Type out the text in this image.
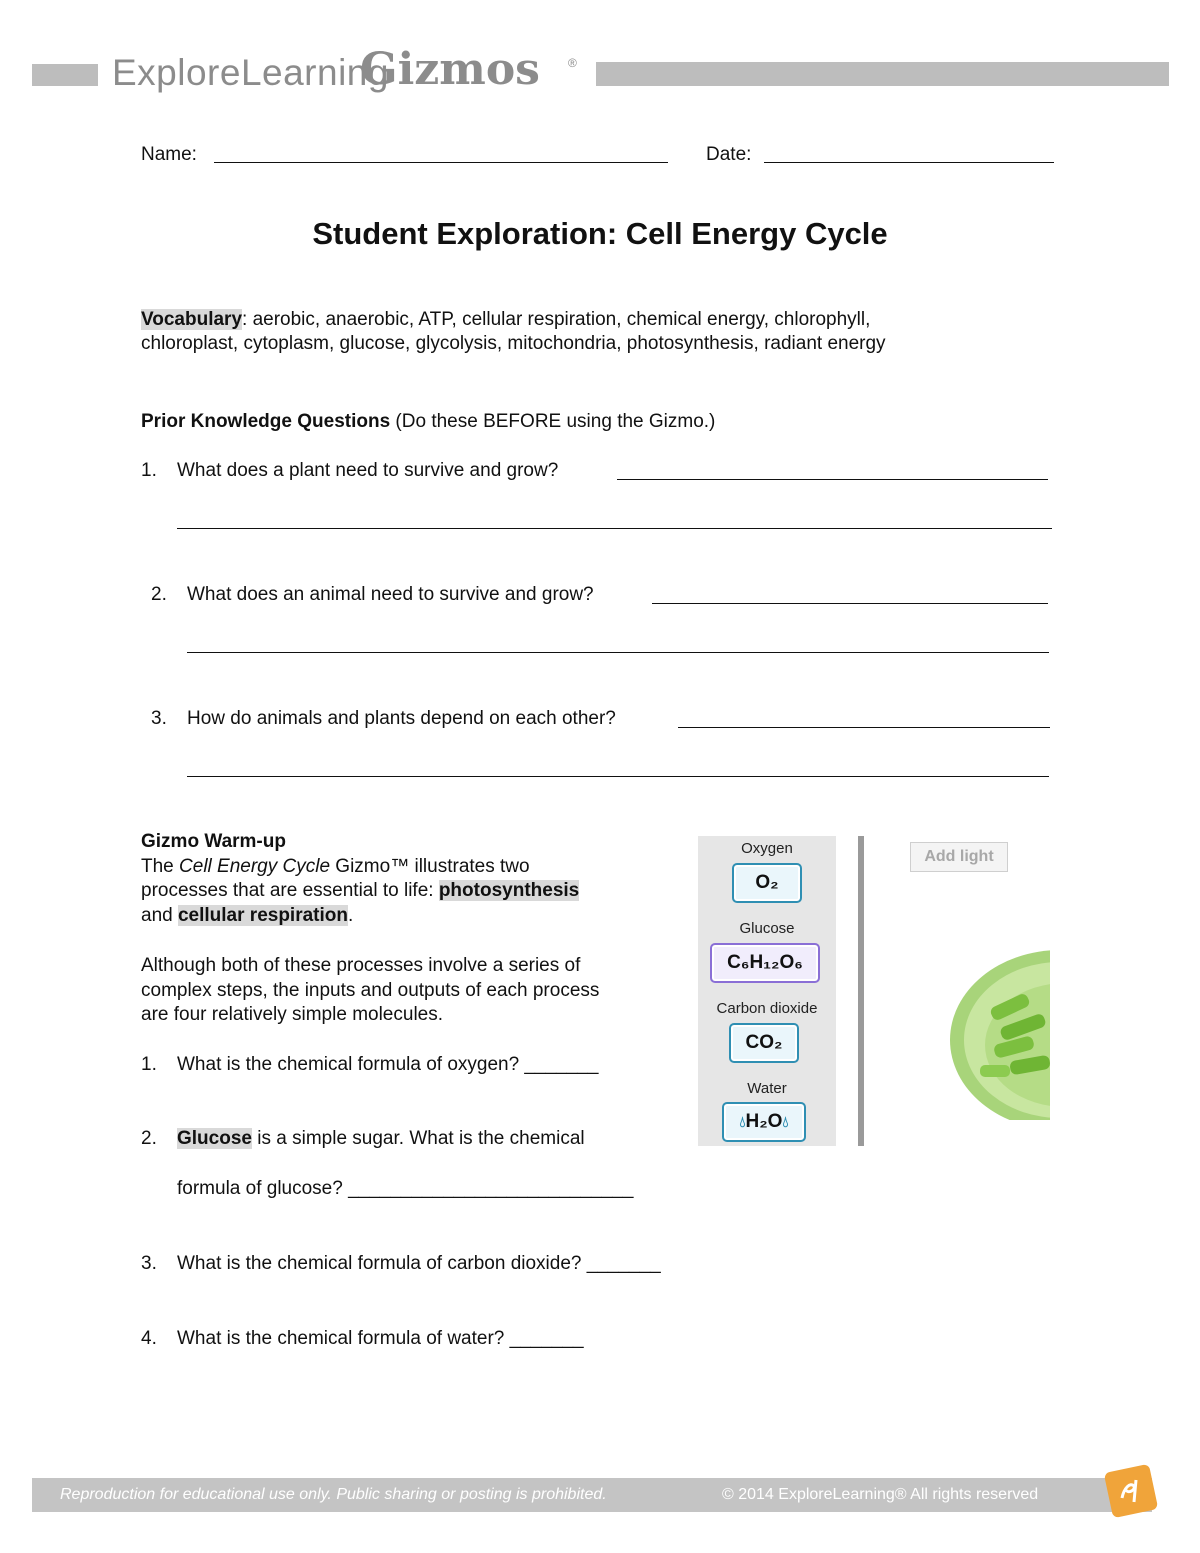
ExploreLearning
Gizmos ®
Name:	Date:
Student Exploration: Cell Energy Cycle
Vocabulary: aerobic, anaerobic, ATP, cellular respiration, chemical energy, chlorophyll,
chloroplast, cytoplasm, glucose, glycolysis, mitochondria, photosynthesis, radiant energy
Prior Knowledge Questions (Do these BEFORE using the Gizmo.)
1. What does a plant need to survive and grow?
2. What does an animal need to survive and grow?
3. How do animals and plants depend on each other?
Gizmo Warm-up
The Cell Energy Cycle Gizmo™ illustrates two
processes that are essential to life: photosynthesis
and cellular respiration.
Although both of these processes involve a series of
complex steps, the inputs and outputs of each process
are four relatively simple molecules.
1. What is the chemical formula of oxygen? _______
2. Glucose is a simple sugar. What is the chemical
formula of glucose? ___________________________
3. What is the chemical formula of carbon dioxide? _______
4. What is the chemical formula of water? _______
Oxygen
O₂
Glucose
C₆H₁₂O₆
Carbon dioxide
CO₂
Water
💧︎H₂O💧︎
Add light
Reproduction for educational use only. Public sharing or posting is prohibited.	© 2014 ExploreLearning® All rights reserved
